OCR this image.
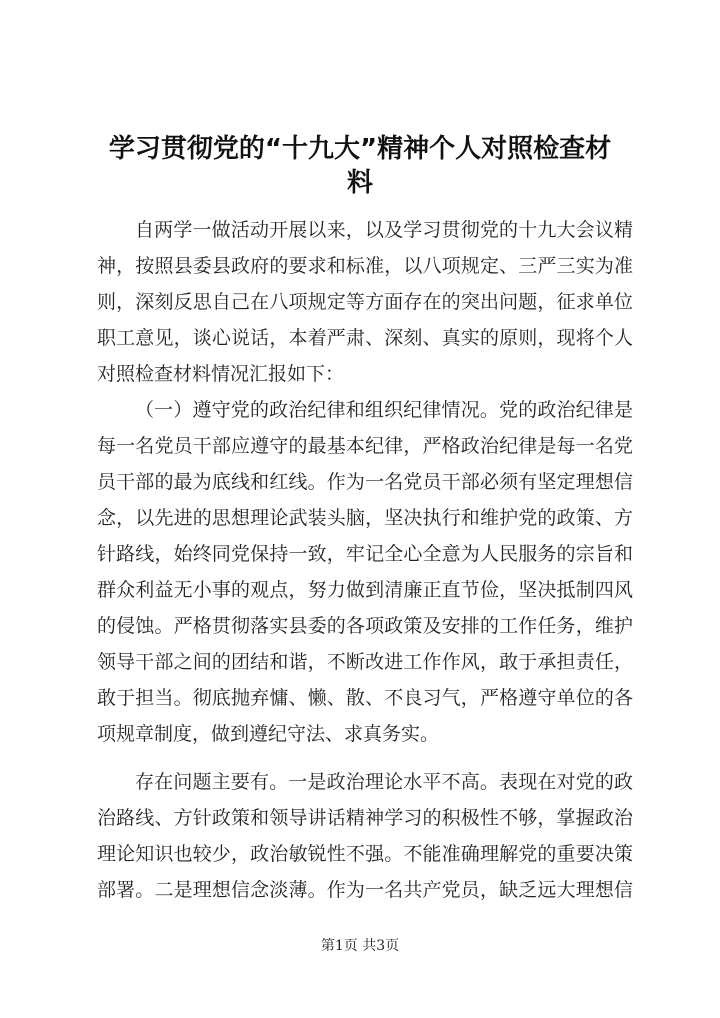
学习贯彻党的“十九大”精神个人对照检查材
料
自两学一做活动开展以来，以及学习贯彻党的十九大会议精
神，按照县委县政府的要求和标准，以八项规定、三严三实为准
则，深刻反思自己在八项规定等方面存在的突出问题，征求单位
职工意见，谈心说话，本着严肃、深刻、真实的原则，现将个人
对照检查材料情况汇报如下：
（一）遵守党的政治纪律和组织纪律情况。党的政治纪律是
每一名党员干部应遵守的最基本纪律，严格政治纪律是每一名党
员干部的最为底线和红线。作为一名党员干部必须有坚定理想信
念，以先进的思想理论武装头脑，坚决执行和维护党的政策、方
针路线，始终同党保持一致，牢记全心全意为人民服务的宗旨和
群众利益无小事的观点，努力做到清廉正直节俭，坚决抵制四风
的侵蚀。严格贯彻落实县委的各项政策及安排的工作任务，维护
领导干部之间的团结和谐，不断改进工作作风，敢于承担责任，
敢于担当。彻底抛弃慵、懒、散、不良习气，严格遵守单位的各
项规章制度，做到遵纪守法、求真务实。
存在问题主要有。一是政治理论水平不高。表现在对党的政
治路线、方针政策和领导讲话精神学习的积极性不够，掌握政治
理论知识也较少，政治敏锐性不强。不能准确理解党的重要决策
部署。二是理想信念淡薄。作为一名共产党员，缺乏远大理想信
第1页 共3页
